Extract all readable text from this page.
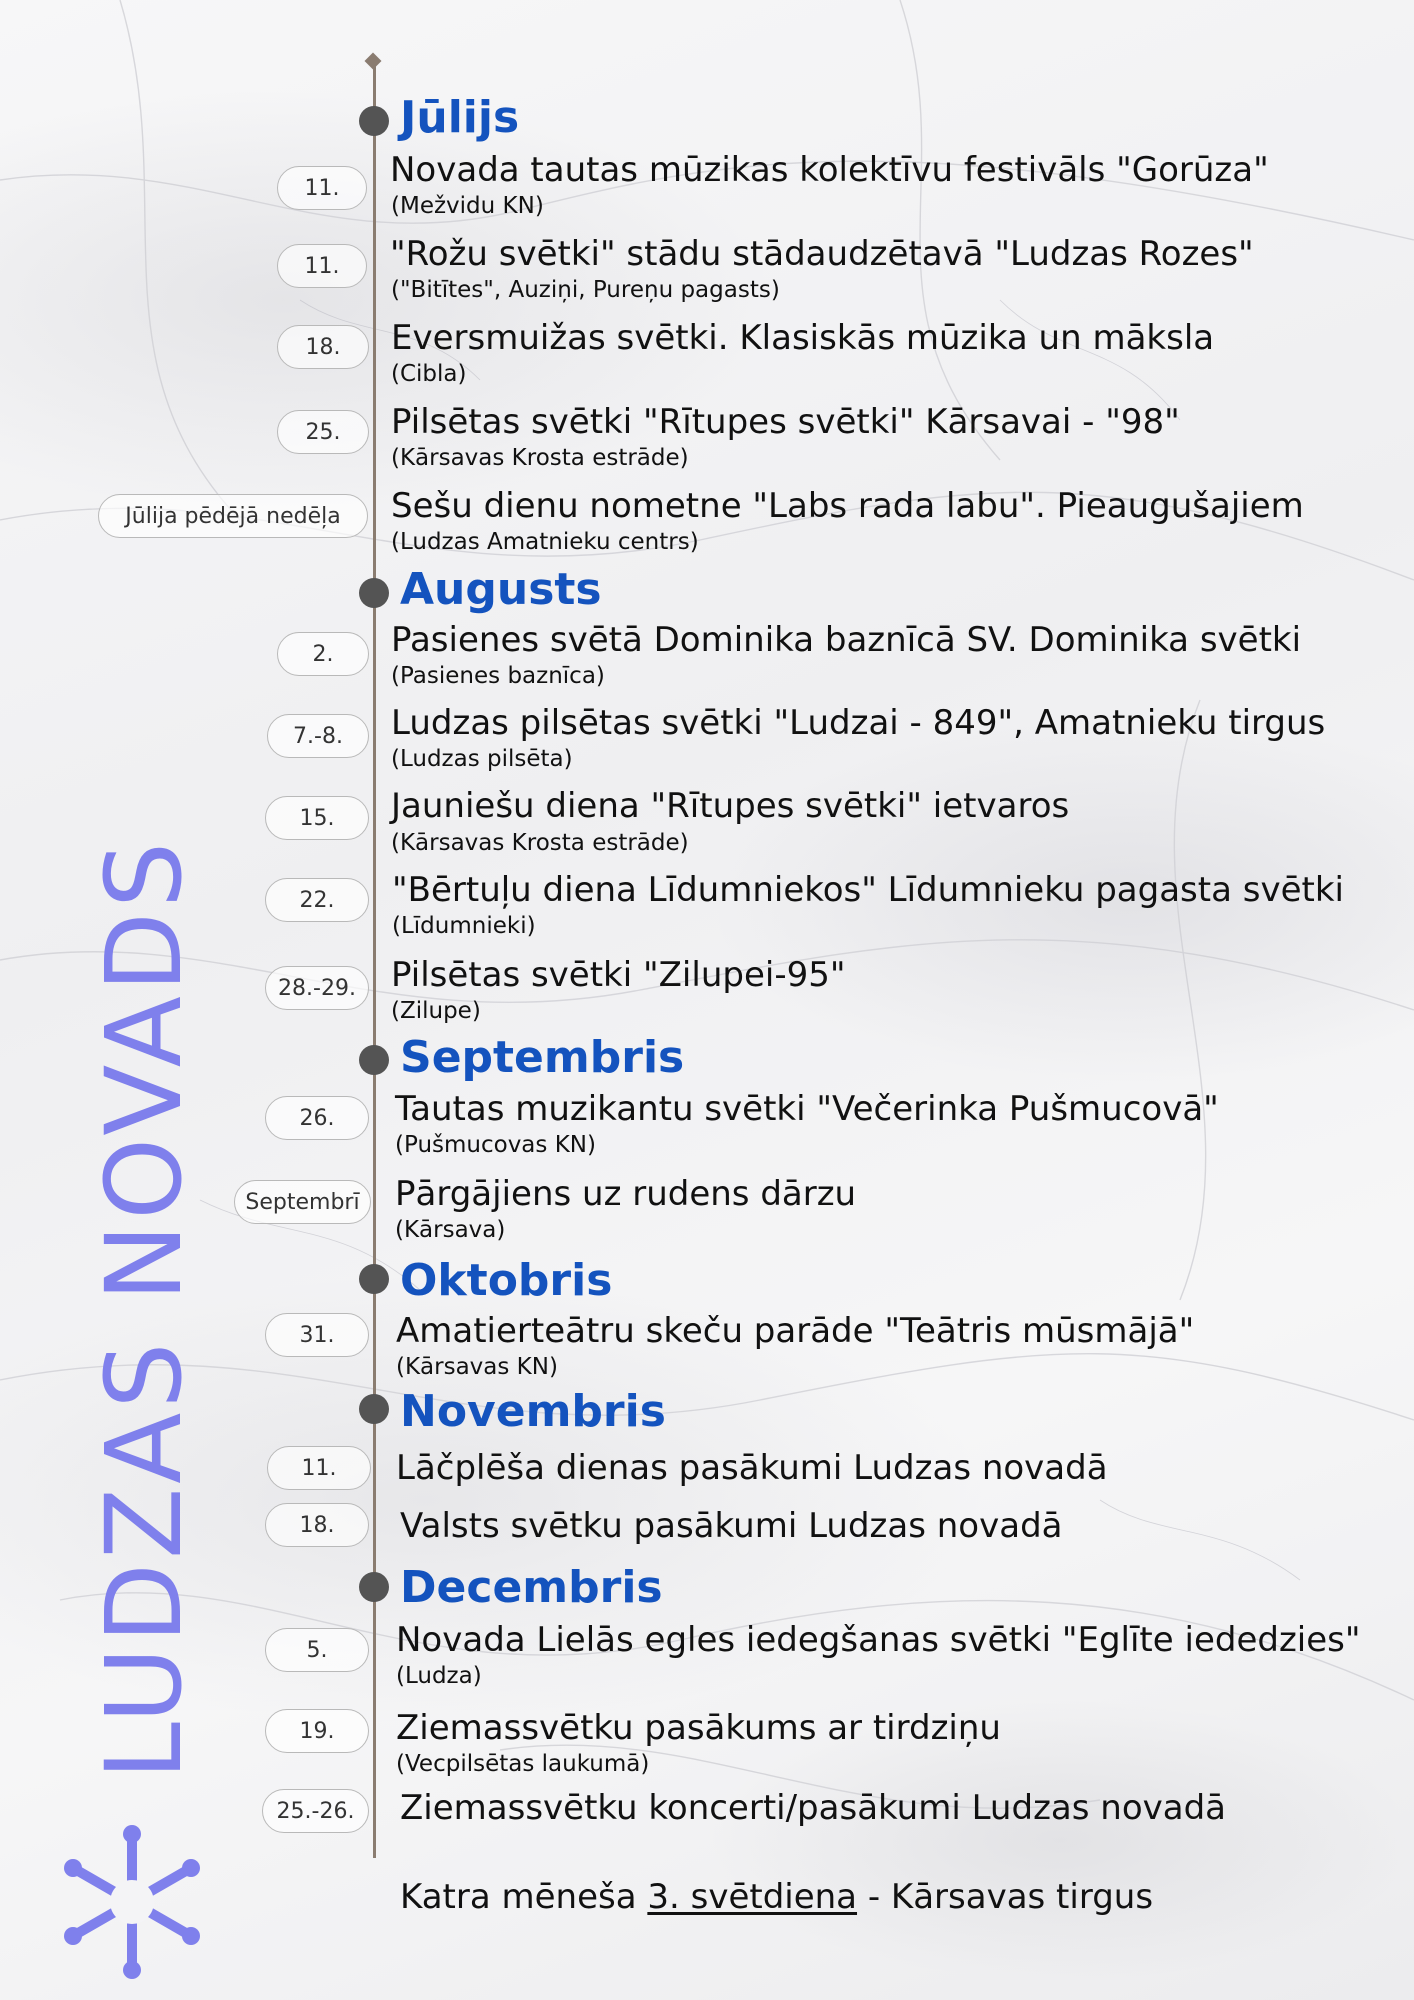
LUDZAS NOVADS
Jūlijs
Augusts
Septembris
Oktobris
Novembris
Decembris
11.	Novada tautas mūzikas kolektīvu festivāls "Gorūza"
(Mežvidu KN)
11.	"Rožu svētki" stādu stādaudzētavā "Ludzas Rozes"
("Bitītes", Auziņi, Pureņu pagasts)
18.	Eversmuižas svētki. Klasiskās mūzika un māksla
(Cibla)
25.	Pilsētas svētki "Rītupes svētki" Kārsavai - "98"
(Kārsavas Krosta estrāde)
Jūlija pēdējā nedēļa	Sešu dienu nometne "Labs rada labu". Pieaugušajiem
(Ludzas Amatnieku centrs)
2.	Pasienes svētā Dominika baznīcā SV. Dominika svētki
(Pasienes baznīca)
7.-8.	Ludzas pilsētas svētki "Ludzai - 849", Amatnieku tirgus
(Ludzas pilsēta)
15.	Jauniešu diena "Rītupes svētki" ietvaros
(Kārsavas Krosta estrāde)
22.	"Bērtuļu diena Līdumniekos" Līdumnieku pagasta svētki
(Līdumnieki)
28.-29.	Pilsētas svētki "Zilupei-95"
(Zilupe)
26.	Tautas muzikantu svētki "Večerinka Pušmucovā"
(Pušmucovas KN)
Septembrī	Pārgājiens uz rudens dārzu
(Kārsava)
31.	Amatierteātru skeču parāde "Teātris mūsmājā"
(Kārsavas KN)
11.	Lāčplēša dienas pasākumi Ludzas novadā
18.	Valsts svētku pasākumi Ludzas novadā
5.	Novada Lielās egles iedegšanas svētki "Eglīte iededzies"
(Ludza)
19.	Ziemassvētku pasākums ar tirdziņu
(Vecpilsētas laukumā)
25.-26.	Ziemassvētku koncerti/pasākumi Ludzas novadā
Katra mēneša 3. svētdiena - Kārsavas tirgus
